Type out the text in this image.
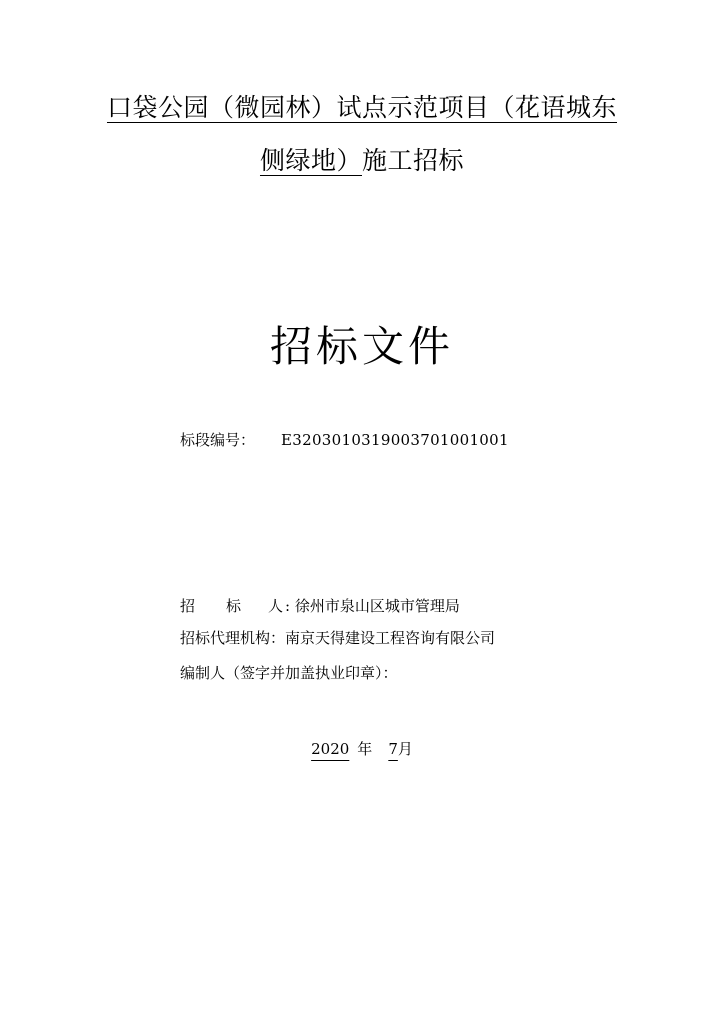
口袋公园（微园林）试点示范项目（花语城东
侧绿地）施工招标
招标文件
标段编号： E3203010319003701001001
招 标 人 : 徐州市泉山区城市管理局
招标代理机构：南京天得建设工程咨询有限公司
编制人（签字并加盖执业印章）：
2020 年 7月
